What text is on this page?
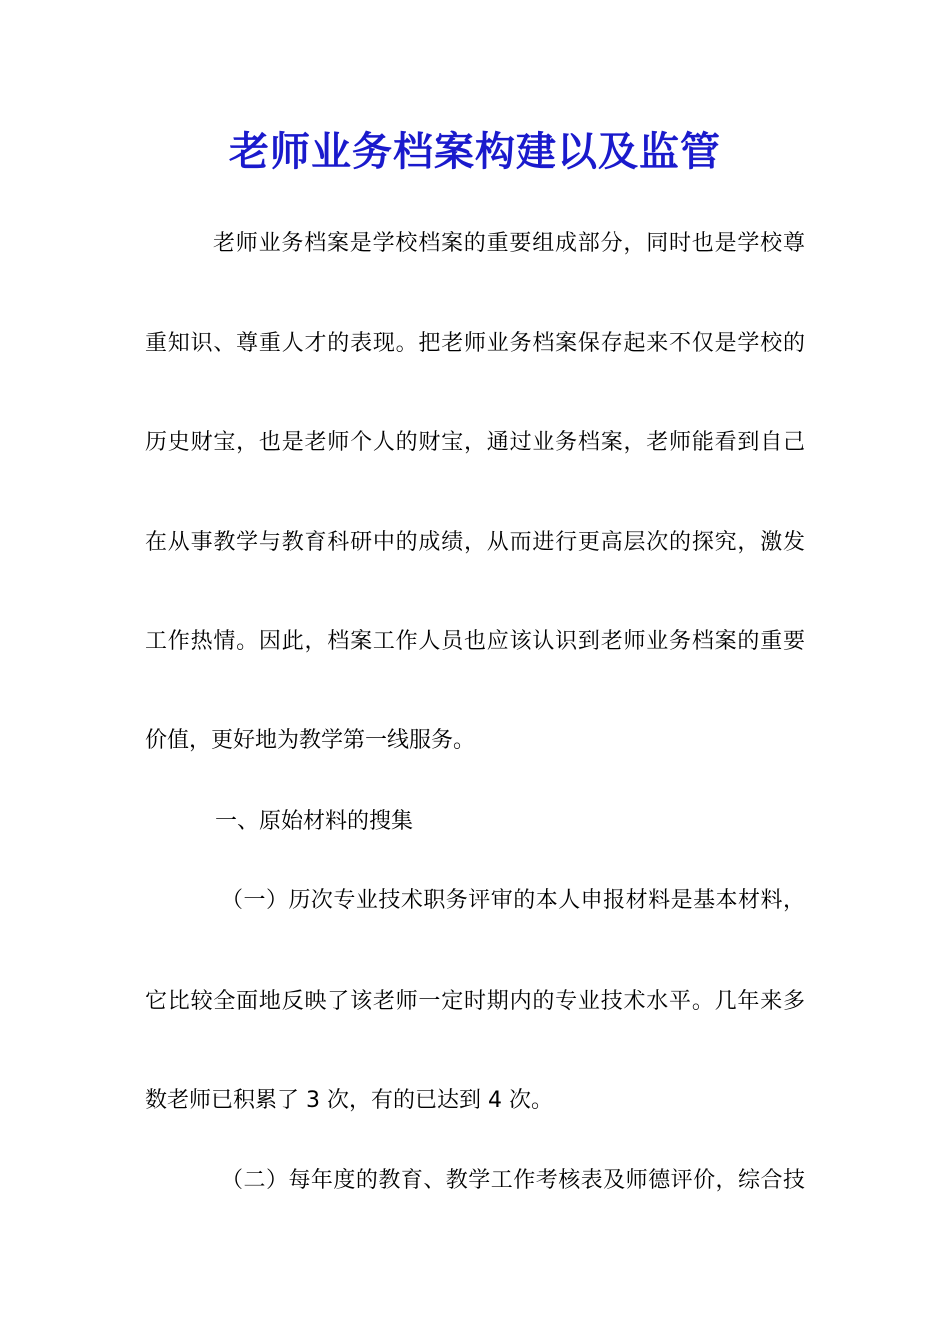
老师业务档案构建以及监管

老师业务档案是学校档案的重要组成部分，同时也是学校尊

重知识、尊重人才的表现。把老师业务档案保存起来不仅是学校的

历史财宝，也是老师个人的财宝，通过业务档案，老师能看到自己

在从事教学与教育科研中的成绩，从而进行更高层次的探究，激发

工作热情。因此，档案工作人员也应该认识到老师业务档案的重要

价值，更好地为教学第一线服务。

一、原始材料的搜集

（一）历次专业技术职务评审的本人申报材料是基本材料，

它比较全面地反映了该老师一定时期内的专业技术水平。几年来多

数老师已积累了 3 次，有的已达到 4 次。

（二）每年度的教育、教学工作考核表及师德评价，综合技
